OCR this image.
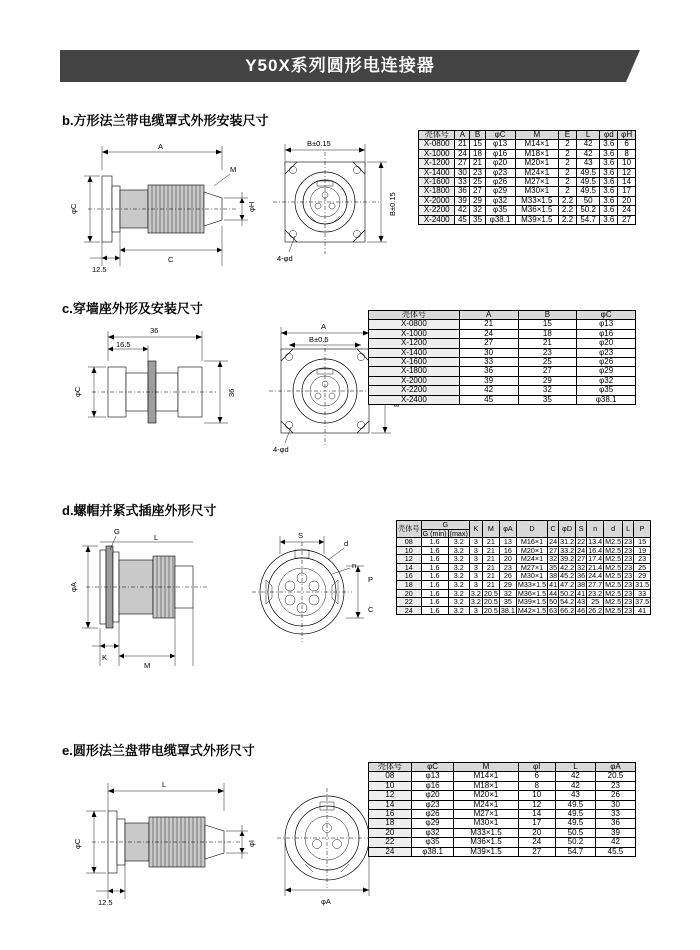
Y50X系列圆形电连接器
b.方形法兰带电缆罩式外形安装尺寸
A
φC	φH
M
12.5
C
B±0.15
B±0.15
4-φd
壳体号	A	B	φC	M	E	L	φd	φH
X-0800	21	15	φ13	M14×1	2	42	3.6	6
X-1000	24	18	φ16	M18×1	2	42	3.6	8
X-1200	27	21	φ20	M20×1	2	43	3.6	10
X-1400	30	23	φ23	M24×1	2	49.5	3.6	12
X-1600	33	25	φ26	M27×1	2	49.5	3.6	14
X-1800	36	27	φ29	M30×1	2	49.5	3.6	17
X-2000	39	29	φ32	M33×1.5	2.2	50	3.6	20
X-2200	42	32	φ35	M36×1.5	2.2	50.2	3.6	24
X-2400	45	35	φ38.1	M39×1.5	2.2	54.7	3.6	27
c.穿墙座外形及安装尺寸
36
16.5
φC	36
A
B±0.5
4-φd
壳体号	A	B	φC
X-0800	21	15	φ13
X-1000	24	18	φ16
X-1200	27	21	φ20
X-1400	30	23	φ23
X-1600	33	25	φ26
X-1800	36	27	φ29
X-2000	39	29	φ32
X-2200	42	32	φ35
X-2400	45	35	φ38.1
d.螺帽并紧式插座外形尺寸
φA
K
M
G
L	S
d
n
P
C
壳体号	G		K	M	φA	D	C	φD	S	n	d	L	P
	G (min)	(max)											
08	1.6	3.2	3	21	13	M16×1	24	31.2	22	13.4	M2.5	23	15
10	1.6	3.2	3	21	16	M20×1	27	33.2	24	16.4	M2.5	23	19
12	1.6	3.2	3	21	20	M24×1	32	39.2	27	17.4	M2.5	23	23
14	1.6	3.2	3	21	23	M27×1	35	42.2	32	21.4	M2.5	23	25
16	1.6	3.2	3	21	26	M30×1	38	45.2	36	24.4	M2.5	23	29
18	1.6	3.2	3	21	29	M33×1.5	41	47.2	38	27.7	M2.5	23	31.5
20	1.6	3.2	3.2	20.5	32	M36×1.5	44	50.2	41	23.2	M2.5	23	33
22	1.6	3.2	3.2	20.5	35	M39×1.5	50	54.2	43	25	M2.5	23	37.5
24	1.6	3.2	3	20.5	38.1	M42×1.5	63	66.2	46	26.2	M2.5	23	41
e.圆形法兰盘带电缆罩式外形尺寸
L
φC	φI
12.5	φA
壳体号	φC	M	φI	L	φA
08	φ13	M14×1	6	42	20.5
10	φ16	M18×1	8	42	23
12	φ20	M20×1	10	43	26
14	φ23	M24×1	12	49.5	30
16	φ26	M27×1	14	49.5	33
18	φ29	M30×1	17	49.5	36
20	φ32	M33×1.5	20	50.5	39
22	φ35	M36×1.5	24	50.2	42
24	φ38.1	M39×1.5	27	54.7	45.5
